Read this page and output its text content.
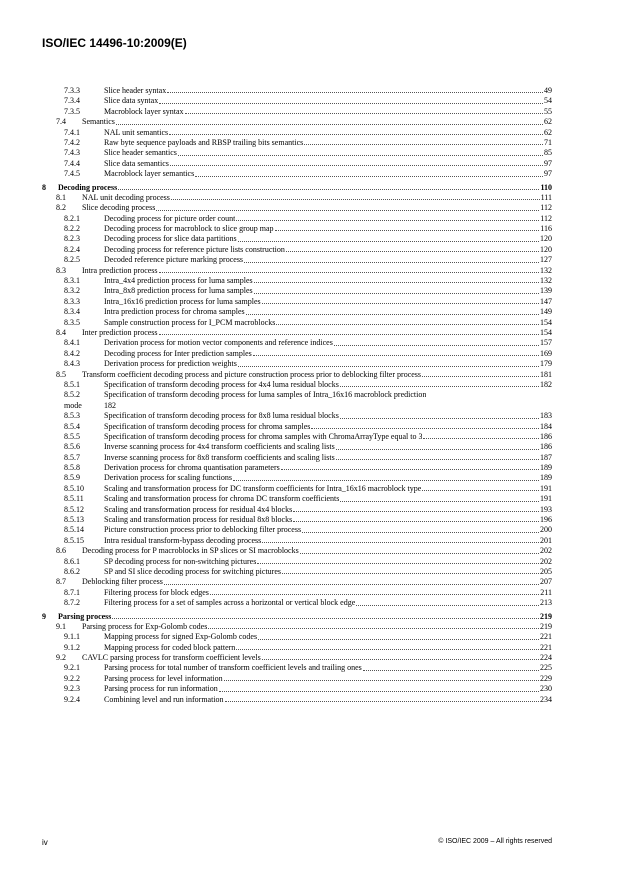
ISO/IEC 14496-10:2009(E)
7.3.3	Slice header syntax	49
7.3.4	Slice data syntax	54
7.3.5	Macroblock layer syntax	55
7.4	Semantics	62
7.4.1	NAL unit semantics	62
7.4.2	Raw byte sequence payloads and RBSP trailing bits semantics	71
7.4.3	Slice header semantics	85
7.4.4	Slice data semantics	97
7.4.5	Macroblock layer semantics	97
8	Decoding process	110
8.1	NAL unit decoding process	111
8.2	Slice decoding process	112
8.2.1	Decoding process for picture order count	112
8.2.2	Decoding process for macroblock to slice group map	116
8.2.3	Decoding process for slice data partitions	120
8.2.4	Decoding process for reference picture lists construction	120
8.2.5	Decoded reference picture marking process	127
8.3	Intra prediction process	132
8.3.1	Intra_4x4 prediction process for luma samples	132
8.3.2	Intra_8x8 prediction process for luma samples	139
8.3.3	Intra_16x16 prediction process for luma samples	147
8.3.4	Intra prediction process for chroma samples	149
8.3.5	Sample construction process for I_PCM macroblocks	154
8.4	Inter prediction process	154
8.4.1	Derivation process for motion vector components and reference indices	157
8.4.2	Decoding process for Inter prediction samples	169
8.4.3	Derivation process for prediction weights	179
8.5	Transform coefficient decoding process and picture construction process prior to deblocking filter process	181
8.5.1	Specification of transform decoding process for 4x4 luma residual blocks	182
8.5.2	Specification of transform decoding process for luma samples of Intra_16x16 macroblock prediction
mode	182
8.5.3	Specification of transform decoding process for 8x8 luma residual blocks	183
8.5.4	Specification of transform decoding process for chroma samples	184
8.5.5	Specification of transform decoding process for chroma samples with ChromaArrayType equal to 3	186
8.5.6	Inverse scanning process for 4x4 transform coefficients and scaling lists	186
8.5.7	Inverse scanning process for 8x8 transform coefficients and scaling lists	187
8.5.8	Derivation process for chroma quantisation parameters	189
8.5.9	Derivation process for scaling functions	189
8.5.10	Scaling and transformation process for DC transform coefficients for Intra_16x16 macroblock type	191
8.5.11	Scaling and transformation process for chroma DC transform coefficients	191
8.5.12	Scaling and transformation process for residual 4x4 blocks	193
8.5.13	Scaling and transformation process for residual 8x8 blocks	196
8.5.14	Picture construction process prior to deblocking filter process	200
8.5.15	Intra residual transform-bypass decoding process	201
8.6	Decoding process for P macroblocks in SP slices or SI macroblocks	202
8.6.1	SP decoding process for non-switching pictures	202
8.6.2	SP and SI slice decoding process for switching pictures	205
8.7	Deblocking filter process	207
8.7.1	Filtering process for block edges	211
8.7.2	Filtering process for a set of samples across a horizontal or vertical block edge	213
9	Parsing process	219
9.1	Parsing process for Exp-Golomb codes	219
9.1.1	Mapping process for signed Exp-Golomb codes	221
9.1.2	Mapping process for coded block pattern	221
9.2	CAVLC parsing process for transform coefficient levels	224
9.2.1	Parsing process for total number of transform coefficient levels and trailing ones	225
9.2.2	Parsing process for level information	229
9.2.3	Parsing process for run information	230
9.2.4	Combining level and run information	234
iv	© ISO/IEC 2009 – All rights reserved
